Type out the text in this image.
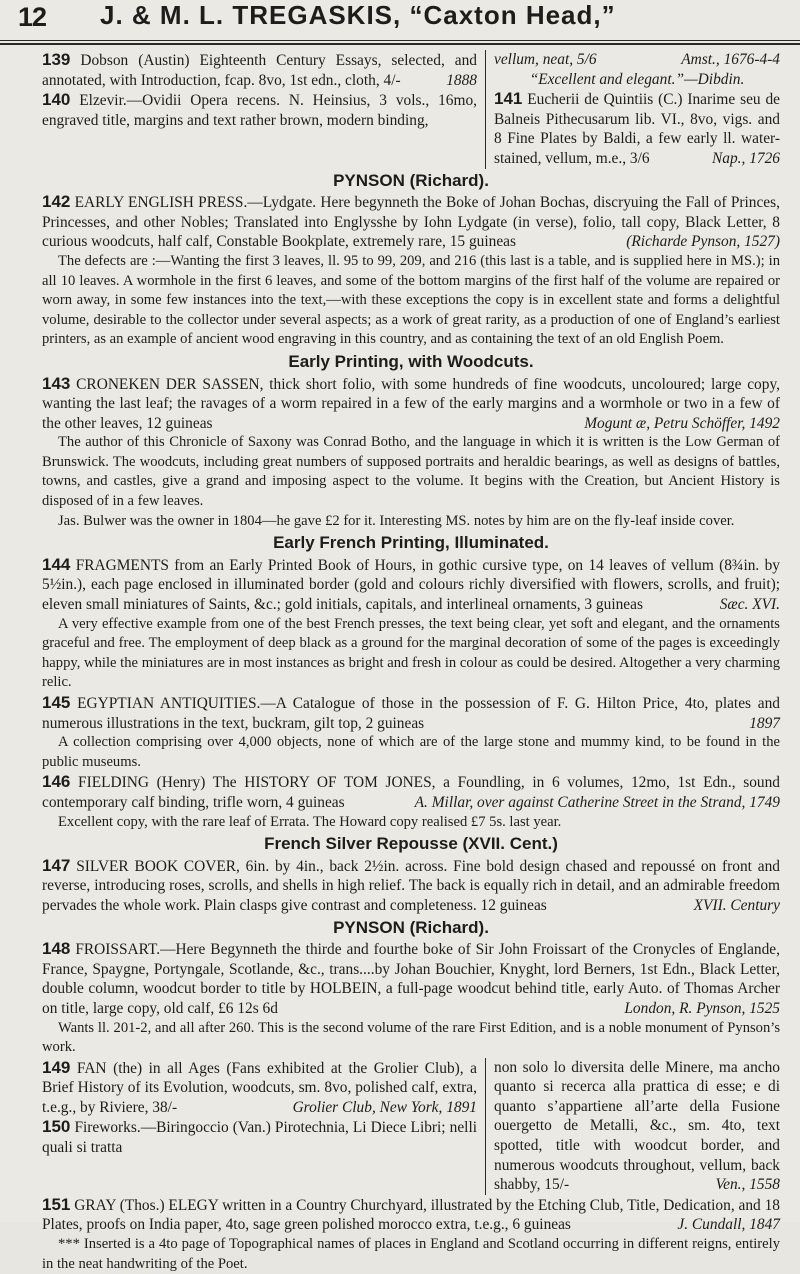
12 J. & M. L. TREGASKIS, “Caxton Head,”

139 Dobson (Austin) Eighteenth Century Essays, selected, and annotated, with Introduction, fcap. 8vo, 1st edn., cloth, 4/-	1888

140 Elzevir.—Ovidii Opera recens. N. Heinsius, 3 vols., 16mo, engraved title, margins and text rather brown, modern binding,

vellum, neat, 5/6	Amst., 1676-4-4

“Excellent and elegant.”—Dibdin.

141 Eucherii de Quintiis (C.) Inarime seu de Balneis Pithecusarum lib. VI., 8vo, vigs. and 8 Fine Plates by Baldi, a few early ll. water-stained, vellum, m.e., 3/6	Nap., 1726

PYNSON (Richard).

142 EARLY ENGLISH PRESS.—Lydgate. Here begynneth the Boke of Johan Bochas, discryuing the Fall of Princes, Princesses, and other Nobles; Translated into Englysshe by Iohn Lydgate (in verse), folio, tall copy, Black Letter, 8 curious woodcuts, half calf, Constable Bookplate, extremely rare, 15 guineas	(Richarde Pynson, 1527)

The defects are :—Wanting the first 3 leaves, ll. 95 to 99, 209, and 216 (this last is a table, and is supplied here in MS.); in all 10 leaves. A wormhole in the first 6 leaves, and some of the bottom margins of the first half of the volume are repaired or worn away, in some few instances into the text,—with these exceptions the copy is in excellent state and forms a delightful volume, desirable to the collector under several aspects; as a work of great rarity, as a production of one of England’s earliest printers, as an example of ancient wood engraving in this country, and as containing the text of an old English Poem.

Early Printing, with Woodcuts.

143 CRONEKEN DER SASSEN, thick short folio, with some hundreds of fine woodcuts, uncoloured; large copy, wanting the last leaf; the ravages of a worm repaired in a few of the early margins and a wormhole or two in a few of the other leaves, 12 guineas	Mogunt æ, Petru Schöffer, 1492

The author of this Chronicle of Saxony was Conrad Botho, and the language in which it is written is the Low German of Brunswick. The woodcuts, including great numbers of supposed portraits and heraldic bearings, as well as designs of battles, towns, and castles, give a grand and imposing aspect to the volume. It begins with the Creation, but Ancient History is disposed of in a few leaves.

Jas. Bulwer was the owner in 1804—he gave £2 for it. Interesting MS. notes by him are on the fly-leaf inside cover.

Early French Printing, Illuminated.

144 FRAGMENTS from an Early Printed Book of Hours, in gothic cursive type, on 14 leaves of vellum (8¾in. by 5½in.), each page enclosed in illuminated border (gold and colours richly diversified with flowers, scrolls, and fruit); eleven small miniatures of Saints, &c.; gold initials, capitals, and interlineal ornaments, 3 guineas	Sæc. XVI.

A very effective example from one of the best French presses, the text being clear, yet soft and elegant, and the ornaments graceful and free. The employment of deep black as a ground for the marginal decoration of some of the pages is exceedingly happy, while the miniatures are in most instances as bright and fresh in colour as could be desired. Altogether a very charming relic.

145 EGYPTIAN ANTIQUITIES.—A Catalogue of those in the possession of F. G. Hilton Price, 4to, plates and numerous illustrations in the text, buckram, gilt top, 2 guineas	1897

A collection comprising over 4,000 objects, none of which are of the large stone and mummy kind, to be found in the public museums.

146 FIELDING (Henry) The HISTORY OF TOM JONES, a Foundling, in 6 volumes, 12mo, 1st Edn., sound contemporary calf binding, trifle worn, 4 guineas	A. Millar, over against Catherine Street in the Strand, 1749

Excellent copy, with the rare leaf of Errata. The Howard copy realised £7 5s. last year.

French Silver Repousse (XVII. Cent.)

147 SILVER BOOK COVER, 6in. by 4in., back 2½in. across. Fine bold design chased and repoussé on front and reverse, introducing roses, scrolls, and shells in high relief. The back is equally rich in detail, and an admirable freedom pervades the whole work. Plain clasps give contrast and completeness. 12 guineas	XVII. Century

PYNSON (Richard).

148 FROISSART.—Here Begynneth the thirde and fourthe boke of Sir John Froissart of the Cronycles of Englande, France, Spaygne, Portyngale, Scotlande, &c., trans....by Johan Bouchier, Knyght, lord Berners, 1st Edn., Black Letter, double column, woodcut border to title by HOLBEIN, a full-page woodcut behind title, early Auto. of Thomas Archer on title, large copy, old calf, £6 12s 6d	London, R. Pynson, 1525

Wants ll. 201-2, and all after 260. This is the second volume of the rare First Edition, and is a noble monument of Pynson’s work.

149 FAN (the) in all Ages (Fans exhibited at the Grolier Club), a Brief History of its Evolution, woodcuts, sm. 8vo, polished calf, extra, t.e.g., by Riviere, 38/-	Grolier Club, New York, 1891

150 Fireworks.—Biringoccio (Van.) Pirotechnia, Li Diece Libri; nelli quali si tratta

non solo lo diversita delle Minere, ma ancho quanto si recerca alla prattica di esse; e di quanto s’appartiene all’arte della Fusione ouergetto de Metalli, &c., sm. 4to, text spotted, title with woodcut border, and numerous woodcuts throughout, vellum, back shabby, 15/-	Ven., 1558

151 GRAY (Thos.) ELEGY written in a Country Churchyard, illustrated by the Etching Club, Title, Dedication, and 18 Plates, proofs on India paper, 4to, sage green polished morocco extra, t.e.g., 6 guineas	J. Cundall, 1847

*** Inserted is a 4to page of Topographical names of places in England and Scotland occurring in different reigns, entirely in the neat handwriting of the Poet.
